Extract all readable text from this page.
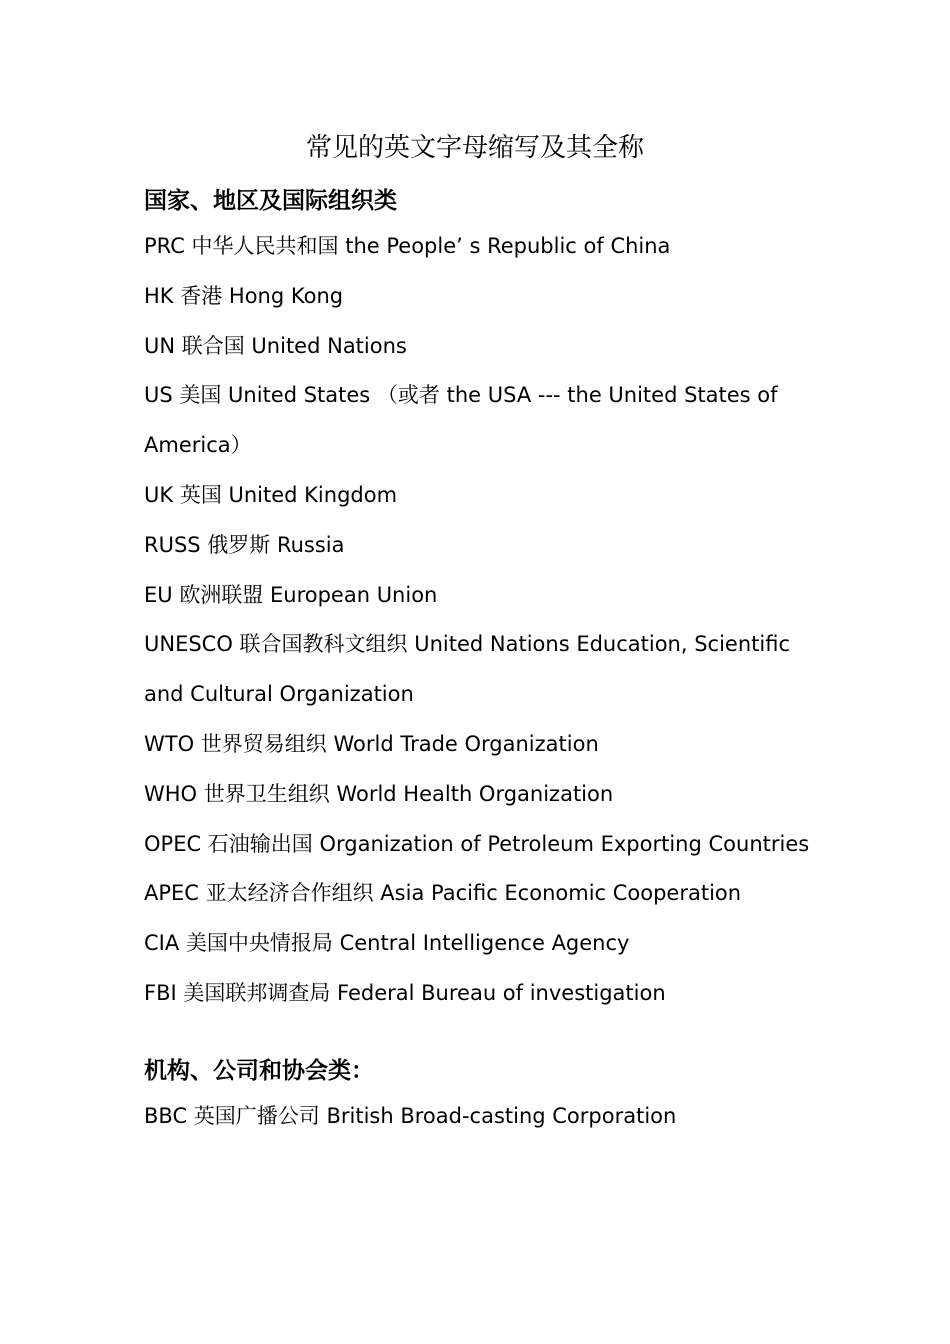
常见的英文字母缩写及其全称
国家、地区及国际组织类
PRC 中华人民共和国 the People’ s Republic of China
HK 香港 Hong Kong
UN 联合国 United Nations
US 美国 United States （或者 the USA --- the United States of America）
UK 英国 United Kingdom
RUSS 俄罗斯 Russia
EU 欧洲联盟 European Union
UNESCO 联合国教科文组织 United Nations Education, Scientific and Cultural Organization
WTO 世界贸易组织 World Trade Organization
WHO 世界卫生组织 World Health Organization
OPEC 石油输出国 Organization of Petroleum Exporting Countries
APEC 亚太经济合作组织 Asia Pacific Economic Cooperation
CIA 美国中央情报局 Central Intelligence Agency
FBI 美国联邦调查局 Federal Bureau of investigation
机构、公司和协会类：
BBC 英国广播公司 British Broad-casting Corporation
